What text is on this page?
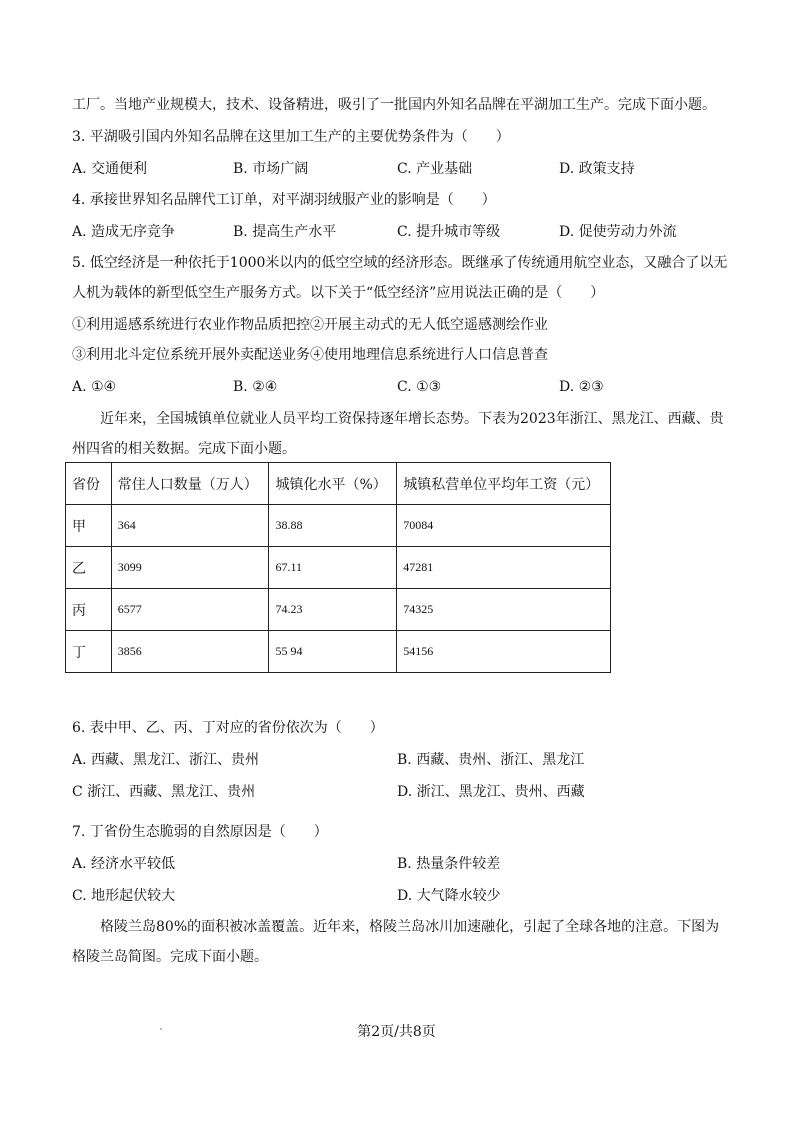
工厂。当地产业规模大，技术、设备精进，吸引了一批国内外知名品牌在平湖加工生产。完成下面小题。
3. 平湖吸引国内外知名品牌在这里加工生产的主要优势条件为（　　）
A. 交通便利	B. 市场广阔	C. 产业基础	D. 政策支持
4. 承接世界知名品牌代工订单，对平湖羽绒服产业的影响是（　　）
A. 造成无序竞争	B. 提高生产水平	C. 提升城市等级	D. 促使劳动力外流
5. 低空经济是一种依托于1000米以内的低空空域的经济形态。既继承了传统通用航空业态，又融合了以无
人机为载体的新型低空生产服务方式。以下关于“低空经济”应用说法正确的是（　　）
①利用遥感系统进行农业作物品质把控②开展主动式的无人低空遥感测绘作业
③利用北斗定位系统开展外卖配送业务④使用地理信息系统进行人口信息普查
A. ①④	B. ②④	C. ①③	D. ②③
近年来，全国城镇单位就业人员平均工资保持逐年增长态势。下表为2023年浙江、黑龙江、西藏、贵
州四省的相关数据。完成下面小题。
省份	常住人口数量（万人）	城镇化水平（%）	城镇私营单位平均年工资（元）
甲	364	38.88	70084
乙	3099	67.11	47281
丙	6577	74.23	74325
丁	3856	55 94	54156
6. 表中甲、乙、丙、丁对应的省份依次为（　　）
A. 西藏、黑龙江、浙江、贵州	B. 西藏、贵州、浙江、黑龙江
C 浙江、西藏、黑龙江、贵州	D. 浙江、黑龙江、贵州、西藏
7. 丁省份生态脆弱的自然原因是（　　）
A. 经济水平较低	B. 热量条件较差
C. 地形起伏较大	D. 大气降水较少
格陵兰岛80%的面积被冰盖覆盖。近年来，格陵兰岛冰川加速融化，引起了全球各地的注意。下图为
格陵兰岛简图。完成下面小题。
第2页/共8页
